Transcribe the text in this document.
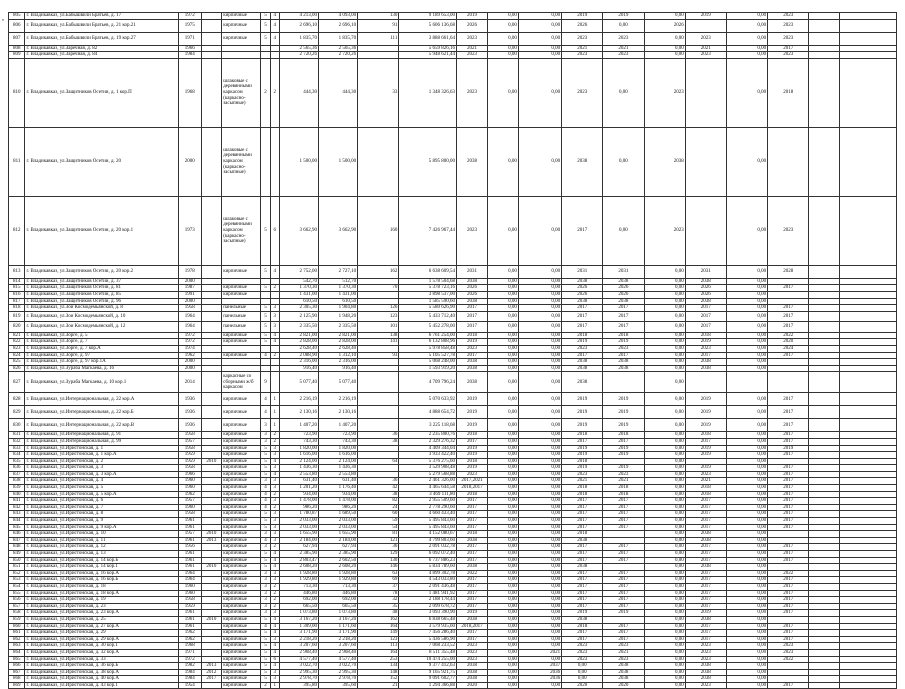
, 805	г. Владикавказ, ул.Бабышвили Братьев, д. 17	1972		кирпичные	5	4	4 213,00	4 093,00	130	9 189 653,00	2019	0,00	0,00	2019	2019	0,00	2019	0,00	2023		
806	г. Владикавказ, ул.Бабышвили Братьев, д. 21 кор.21	1975		кирпичные	5	4	2 696,10	2 696,10	91	5 606 136,68	2026	0,00	0,00	2026	0,00	2026		0,00	2023		
807	г. Владикавказ, ул.Бабышвили Братьев, д. 19 кор.27	1971		кирпичные	5	4	1 835,70	1 835,70	111	3 888 661,64	2023	0,00	0,00	2023	2023	0,00	2023	0,00	2023		
808	г. Владикавказ, ул.Заречная, д. 82	1966					2 565,36	2 565,36		5 659 826,16	2021	0,00	0,00	2021	2021	0,00	2021	0,00	2017		
809	г. Владикавказ, ул.Заречная, д. 84	1984					2 720,26	2 720,26		5 948 621,44	2023	0,00	0,00	2023	2023	0,00	2023	0,00	2023		
810	г. Владикавказ, ул.Защитников Осетии, д. 1 кор.П	1968		шлаковые с деревянными каркасом (каркасно-засыпные)	2	2	444,30	444,30	33	1 348 326,63	2023	0,00	0,00	2023	0,00	2023		0,00	2018		
811	г. Владикавказ, ул.Защитников Осетии, д. 20	2000		шлаковые с деревянными каркасом (каркасно-засыпные)			1 500,00	1 500,00		5 895 800,00	2038	0,00	0,00	2038	0,00	2038		0,00			
812	г. Владикавказ, ул.Защитников Осетии, д. 20 кор.1	1973		шлаковые с деревянными каркасом (каркасно-засыпные)	5	6	3 662,90	3 662,90	160	7 426 967,44	2023	0,00	0,00	2017	0,00	2023		0,00	2023		
813	г. Владикавказ, ул.Защитников Осетии, д. 20 кор.2	1978		кирпичные	5	4	2 752,00	2 727,10	162	6 638 609,54	2031	0,00	0,00	2031	2031	0,00	2031	0,00	2028		
814	г. Владикавказ, ул.Защитников Осетии, д. 37	2000					542,70	512,70		1 578 504,68	2038	0,00	0,00	2038	2038	0,00	2038	0,00			
815	г. Владикавказ, ул.Защитников Осетии, д. 81	1987		кирпичные	5	2	1 370,30	1 370,30	70	5 378 723,16	2026	0,00	0,00	2026	2026	0,00	2026	0,00	2017		
816	г. Владикавказ, ул.Защитников Осетии, д. 85	1991		кирпичные			1 431,00	1 431,00		3 898 537,00	2026	0,00	0,00	2026	2026	0,00	2026	0,00			
817	г. Владикавказ, ул.Защитников Осетии, д. 96	2000					610,50	610,50		1 585 590,60	2038	0,00	0,00	2038	2038	0,00	2038	0,00			
818	г. Владикавказ, ул.Зои Космодемьянской, д. 8	1958		панельные	5	3	2 305,30	1 904,80	126	5 580 626,90	2017	0,00	0,00	2017	2017	0,00	2017	0,00	2017		
819	г. Владикавказ, ул.Зои Космодемьянской, д. 10	1964		панельные	5	3	2 125,90	1 948,20	123	5 433 712,40	2017	0,00	0,00	2017	2017	0,00	2017	0,00	2017		
820	г. Владикавказ, ул.Зои Космодемьянской, д. 12	1964		панельные	5	3	2 335,50	2 335,50	101	5 452 278,00	2017	0,00	0,00	2017	2017	0,00	2017	0,00	2017		
821	г. Владикавказ, ул.Зорге, д. 5	1972		кирпичные	5	4	2 821,00	2 821,00	138	6 761 254,00	2018	0,00	0,00	2018	2018	0,00	2018	0,00	2022		
822	г. Владикавказ, ул.Зорге, д. 7	1972		кирпичные	5	4	2 828,00	2 828,00	141	6 132 808,96	2019	0,00	0,00	2019	2019	0,00	2019	0,00	2020		
823	г. Владикавказ, ул.Зорге, д. 7 кор.А	1974					2 628,40	2 628,40		5 978 858,48	2023	0,00	0,00	2023	2023	0,00	2023	0,00	2024		
824	г. Владикавказ, ул.Зорге, д. 97	1962		кирпичные	4	2	2 088,90	1 312,10	93	5 105 527,78	2017	0,00	0,00	2017	2017	0,00	2017	0,00	2017		
825	г. Владикавказ, ул.Зорге, д. 97 кор.1А	2000					2 316,00	2 316,00		5 068 248,00	2038	0,00	0,00	2038	2038	0,00	2038	0,00			
826	г. Владикавказ, ул.Зураба Магкаева, д. 16	2000					916,40	916,40		1 593 919,20	2038	0,00	0,00	2038	2038	0,00	2038	0,00			
827	г. Владикавказ, ул.Зураба Магкаева, д. 10 кор.1	2014		каркасные со сборными ж/б каркасом	9		5 077,40	5 077,40		4 709 796,24	2038	0,00	0,00	2038		0,00					
828	г. Владикавказ, ул.Интернациональная, д. 22 кор.А	1936		кирпичные	4	1	2 216,19	2 216,19		5 070 633,92	2019	0,00	0,00	2019	2019	0,00	2019	0,00	2017		
829	г. Владикавказ, ул.Интернациональная, д. 22 кор.Б	1936		кирпичные	4	1	2 130,16	2 130,16		4 888 654,72	2019	0,00	0,00	2019	2019	0,00	2019	0,00	2017		
830	г. Владикавказ, ул.Интернациональная, д. 22 кор.В	1936		кирпичные	3	1	1 407,20	1 407,20		3 225 118,68	2019	0,00	0,00	2019	2019	0,00	2019	0,00	2017		
831	г. Владикавказ, ул.Интернациональная, д. 91	1958		кирпичные	3	2	723,90	723,90	36	2 235 800,76	2018	0,00	0,00	2018	2018	0,00	2018	0,00	2017		
832	г. Владикавказ, ул.Интернациональная, д. 99	1957		кирпичные	3	2	743,30	743,30	38	2 329 276,32	2017	0,00	0,00	2017	2017	0,00	2017	0,00	2017		
833	г. Владикавказ, ул.Иристонская, д. 1	1958		кирпичные	5	3	1 820,00	1 820,00		4 409 344,04	2019	0,00	0,00	2019	2019	0,00	2019	0,00	2019		
834	г. Владикавказ, ул.Иристонская, д. 1 кор.А	1959		кирпичные	5	3	1 616,00	1 616,00		3 933 422,40	2019	0,00	0,00	2019	2019	0,00	2019	0,00	2017		
835	г. Владикавказ, ул.Иристонская, д. 2	1959	2010	кирпичные	5	4	2 124,00	2 124,00	64	5 376 275,60	2018	0,00	0,00	2018		0,00		0,00			
836	г. Владикавказ, ул.Иристонская, д. 3	1958		кирпичные	5	3	1 436,30	1 436,30		3 529 908,48	2019	0,00	0,00	2019	2019	0,00	2019	0,00	2017		
837	г. Владикавказ, ул.Иристонская, д. 3 кор.А	1966		кирпичные	5	4	2 553,80	2 553,80		5 279 568,88	2023	0,00	0,00	2023	2023	0,00	2023	0,00	2017		
838	г. Владикавказ, ул.Иристонская, д. 4	1960		кирпичные	3	3	631,40	631,40	36	2 461 326,00	2017,2021	0,00	0,00	2021	2021	0,00	2021	0,00	2017		
839	г. Владикавказ, ул.Иристонская, д. 5	1960		кирпичные	4	3	1 201,20	1 176,40	42	4 465 644,58	2018,2017	0,00	0,00	2018	2018	0,00	2018	0,00	2017		
840	г. Владикавказ, ул.Иристонская, д. 5 кор.А	1962		кирпичные	4	2	934,00	934,00	38	3 469 111,80	2018	0,00	0,00	2018	2018	0,00	2018	0,00	2017		
841	г. Владикавказ, ул.Иристонская, д. 6	1957		кирпичные	4	3	1 478,00	1 478,00	82	2 955 509,60	2017	0,00	0,00	2017	2017	0,00	2017	0,00	2017		
842	г. Владикавказ, ул.Иристонская, д. 7	1960		кирпичные	4	2	986,20	986,20	24	2 778 290,60	2017	0,00	0,00	2017	2017	0,00	2017	0,00	2017		
843	г. Владикавказ, ул.Иристонская, д. 8	1958		кирпичные	5	3	1 780,87	1 689,50	60	4 660 433,40	2017	0,00	0,00	2017	2017	0,00	2017	0,00	2017		
844	г. Владикавказ, ул.Иристонская, д. 9	1961		кирпичные	5	3	2 033,00	2 033,00	59	5 495 843,60	2017	0,00	0,00	2017	2017	0,00	2017	0,00	2017		
845	г. Владикавказ, ул.Иристонская, д. 9 кор.А	1961		кирпичные	5	3	2 033,00	2 033,00	54	5 495 843,60	2017	0,00	0,00	2017	2017	0,00	2017	0,00	2017		
846	г. Владикавказ, ул.Иристонская, д. 10	1957	2010	кирпичные	3	3	1 655,90	1 655,90	81	4 152 080,67	2018	0,00	0,00	2018		0,00	2038	0,00			
847	г. Владикавказ, ул.Иристонская, д. 11	1961	2013	кирпичные	4	3	2 184,00	2 184,00	121	4 799 803,60	2038	0,00	0,00	2038		0,00	2038	0,00			
848	г. Владикавказ, ул.Иристонская, д. 12	1956		кирпичные	3	2	627,94	627,94	36	2 091 032,78	2017	0,00	0,00	2017	2017	0,00	2017	0,00	2017		
849	г. Владикавказ, ул.Иристонская, д. 13	1961		кирпичные	5	4	2 385,90	2 385,90	129	6 092 072,40	2017	0,00	0,00	2017	2017	0,00	2017	0,00	2017		
850	г. Владикавказ, ул.Иристонская, д. 14 кор.Б	1961		кирпичные	5	4	2 803,47	2 602,50	130	6 737 886,23	2017	0,00	0,00	2017	2017	0,00	2017	0,00	2017		
851	г. Владикавказ, ул.Иристонская, д. 14 кор.1	1961	2010	кирпичные	5	4	2 608,20	2 608,20	146	5 834 789,60	2038	0,00	0,00	2038		0,00	2038	0,00			
852	г. Владикавказ, ул.Иристонская, д. 16 кор.А	1964		кирпичные	3	3	1 928,80	1 928,80	63	4 899 302,78	2022	0,00	0,00	2017	2017	0,00	2017	0,00	2022		
853	г. Владикавказ, ул.Иристонская, д. 16 кор.Б	1964		кирпичные	3	3	1 929,80	1 929,80	69	4 543 033,80	2017	0,00	0,00	2017	2017	0,00	2017	0,00	2017		
854	г. Владикавказ, ул.Иристонская, д. 18	1960		кирпичные	3	2	713,30	713,30	37	2 091 436,48	2017	0,00	0,00	2017	2017	0,00	2017	0,00	2017		
855	г. Владикавказ, ул.Иристонская, д. 18 кор.А	1960		кирпичные	3	2	446,80	446,80	78	1 481 941,92	2017	0,00	0,00	2017	2017	0,00	2017	0,00	2017		
856	г. Владикавказ, ул.Иристонская, д. 19	1958		кирпичные	3	2	692,00	692,00	32	2 188 178,44	2017	0,00	0,00	2017	2017	0,00	2017	0,00	2017		
857	г. Владикавказ, ул.Иристонская, д. 23	1959		кирпичные	3	2	665,50	665,50	35	2 099 678,72	2017	0,00	0,00	2017	2017	0,00	2017	0,00	2017		
858	г. Владикавказ, ул.Иристонская, д. 23 кор.А	1961		кирпичные	3	3	1 073,80	1 073,80	48	3 093 390,90	2019	0,00	0,00	2019	2019	0,00	2019	0,00	2017		
859	г. Владикавказ, ул.Иристонская, д. 25	1961	2010	кирпичные	5	4	3 167,20	3 167,20	162	6 838 665,48	2038	0,00	0,00	2038		0,00	2038	0,00			
860	г. Владикавказ, ул.Иристонская, д. 27 кор.А	1961		кирпичные	4	4	1 309,00	1 171,60	164	3 579 935,60	2018,2017	0,00	0,00	2018	2017	0,00	2017	0,00	2017		
861	г. Владикавказ, ул.Иристонская, д. 29	1962		кирпичные	5	4	3 171,90	3 171,90	149	7 456 286,40	2017	0,00	0,00	2017	2017	0,00	2017	0,00	2017		
862	г. Владикавказ, ул.Иристонская, д. 29 кор.А	1962		кирпичные	5	3	2 218,20	2 218,20	123	5 436 586,90	2017	0,00	0,00	2017	2017	0,00	2017	0,00	2017		
863	г. Владикавказ, ул.Иристонская, д. 30 кор.1	1968		кирпичные	5	4	3 207,60	3 207,60	113	7 068 233,52	2023	0,00	0,00	2023	2023	0,00	2023	0,00	2023		
864	г. Владикавказ, ул.Иристонская, д. 32 кор.А	1971		кирпичные	5	4	2 968,40	2 968,40	164	8 511 355,48	2023	0,00	2021	2023	2021	0,00	2023	0,00	2023		
865	г. Владикавказ, ул.Иристонская, д. 33	1972		кирпичные	5	6	4 577,40	4 577,40	253	10 474 255,00	2023	0,00	0,00	2023	2023	0,00	2023	0,00	2022		
866	г. Владикавказ, ул.Иристонская, д. 36 кор.Б	1982	2013	кирпичные	5	4	3 022,70	3 022,70	134	9 377 412,63	2038	0,00	2037	0,00	2038	0,00	2038	0,00			
867	г. Владикавказ, ул.Иристонская, д. 38 кор.А	1984	2012	кирпичные	5	3	2 995,30	2 995,30	148	9 165 921,75	2038	0,00	2036	0,00	2038	0,00	2038	0,00			
868	г. Владикавказ, ул.Иристонская, д. 40 кор.А	1984	2017	кирпичные	5	3	2 978,70	2 978,70	152	9 091 602,77	2038	0,00	2036	0,00	2038	0,00	2038	0,00			
869	г. Владикавказ, ул.Иристонская, д. 43 кор.1	1954		кирпичные	2	1	395,80	395,60	21	1 294 366,88	2020	0,00	0,00	2020	2020	0,00	2023	0,00	2017		
